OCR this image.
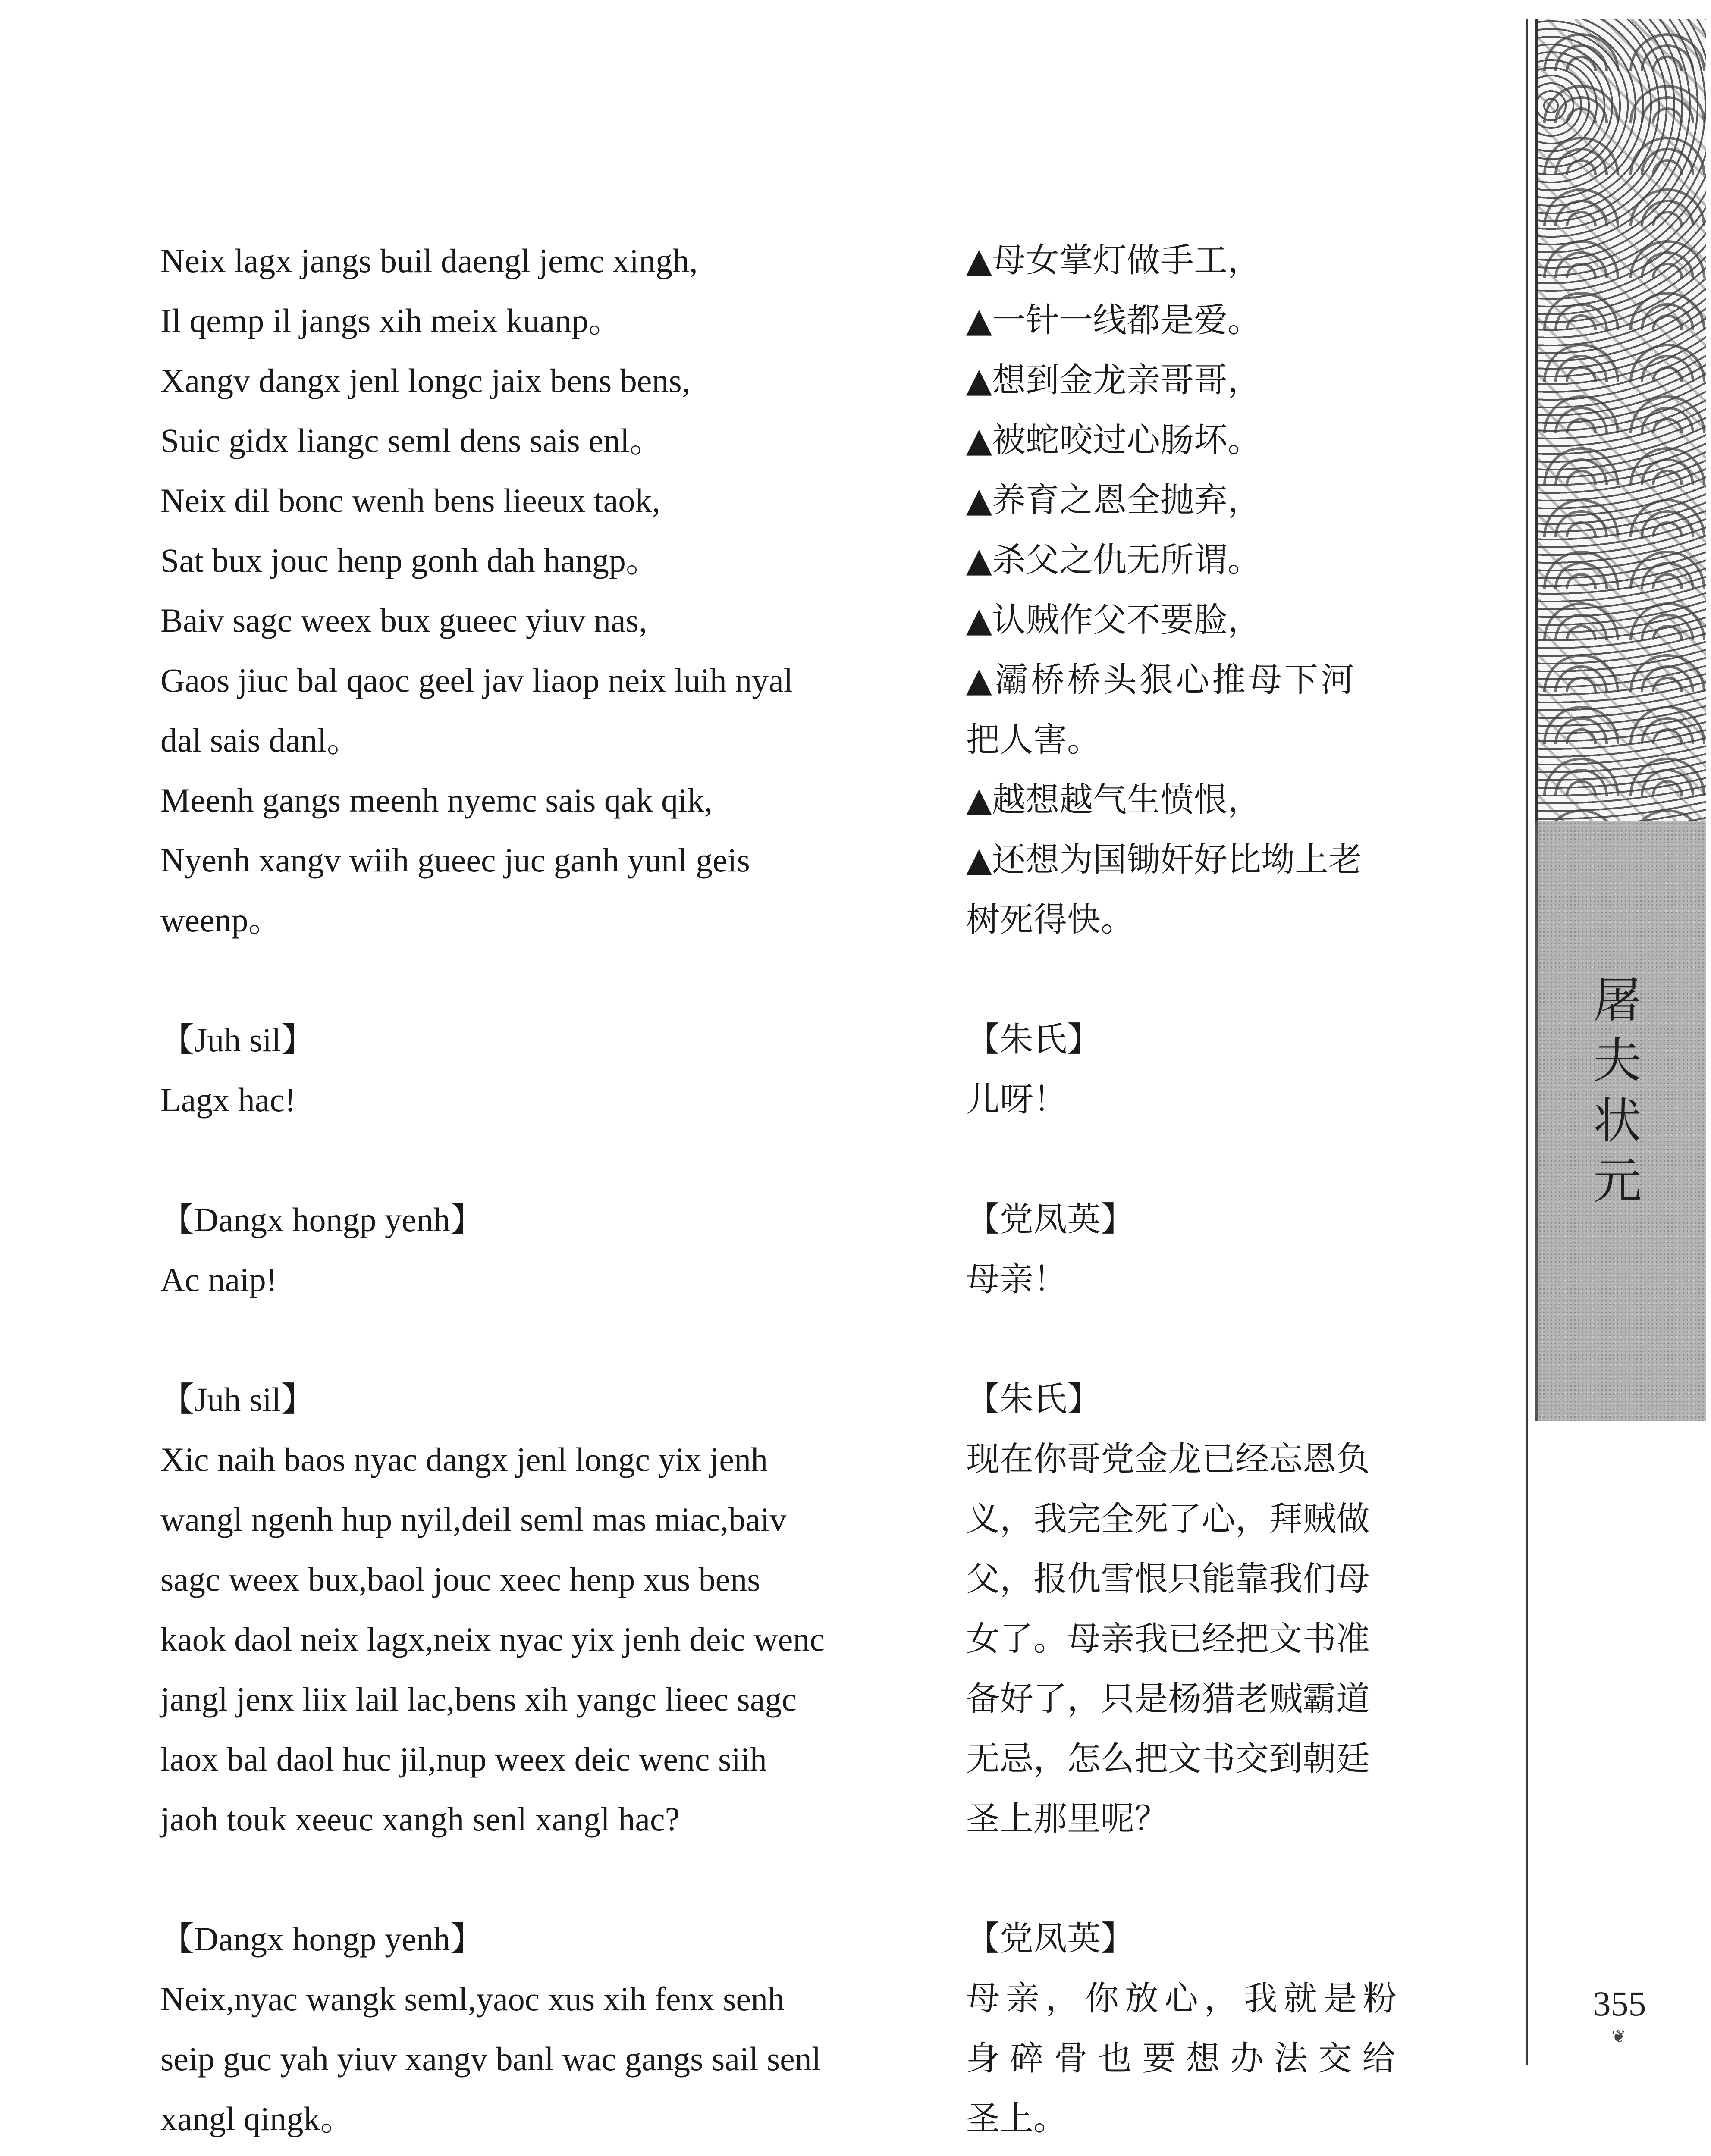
屠
夫
状
元
355
❦
Neix lagx jangs buil daengl jemc xingh,
Il qemp il jangs xih meix kuanp。
Xangv dangx jenl longc jaix bens bens,
Suic gidx liangc seml dens sais enl。
Neix dil bonc wenh bens lieeux taok,
Sat bux jouc henp gonh dah hangp。
Baiv sagc weex bux gueec yiuv nas,
Gaos jiuc bal qaoc geel jav liaop neix luih nyal
dal sais danl。
Meenh gangs meenh nyemc sais qak qik,
Nyenh xangv wiih gueec juc ganh yunl geis
weenp。
【Juh sil】
Lagx hac!
【Dangx hongp yenh】
Ac naip!
【Juh sil】
Xic naih baos nyac dangx jenl longc yix jenh
wangl ngenh hup nyil,deil seml mas miac,baiv
sagc weex bux,baol jouc xeec henp xus bens
kaok daol neix lagx,neix nyac yix jenh deic wenc
jangl jenx liix lail lac,bens xih yangc lieec sagc
laox bal daol huc jil,nup weex deic wenc siih
jaoh touk xeeuc xangh senl xangl hac?
【Dangx hongp yenh】
Neix,nyac wangk seml,yaoc xus xih fenx senh
seip guc yah yiuv xangv banl wac gangs sail senl
xangl qingk。
▲ 母女掌灯做手工，
▲ 一针一线都是爱。
▲ 想到金龙亲哥哥，
▲ 被蛇咬过心肠坏。
▲ 养育之恩全抛弃，
▲ 杀父之仇无所谓。
▲ 认贼作父不要脸，
▲ 灞桥桥头狠心推母下河
把人害。
▲ 越想越气生愤恨，
▲ 还想为国锄奸好比坳上老
树死得快。
【朱氏】
儿呀！
【党凤英】
母亲！
【朱氏】
现在你哥党金龙已经忘恩负
义，我完全死了心，拜贼做
父，报仇雪恨只能靠我们母
女了。母亲我已经把文书准
备好了，只是杨猎老贼霸道
无忌，怎么把文书交到朝廷
圣上那里呢？
【党凤英】
母亲，你放心，我就是粉
身碎骨也要想办法交给
圣上。
